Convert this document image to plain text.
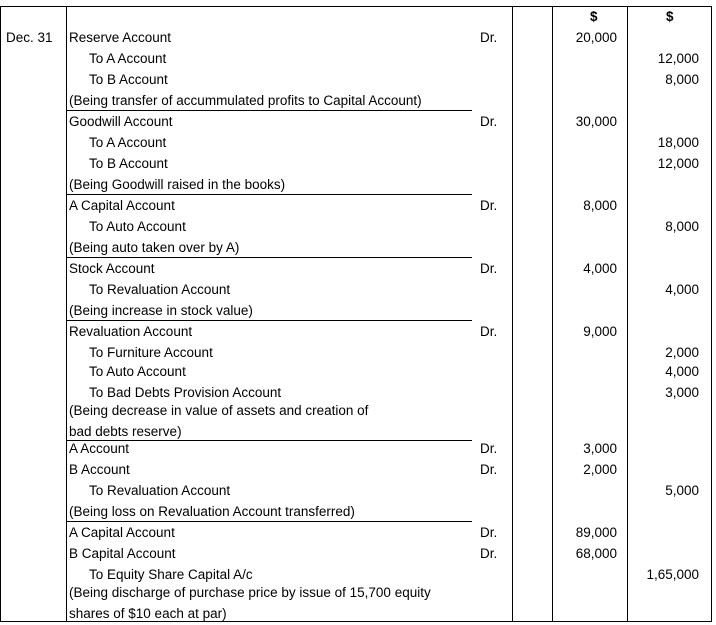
$	$
Dec. 31 Reserve Account	Dr.	20,000
To A Account	12,000
To B Account	8,000
(Being transfer of accummulated profits to Capital Account)
Goodwill Account	Dr.	30,000
To A Account	18,000
To B Account	12,000
(Being Goodwill raised in the books)
A Capital Account	Dr.	8,000
To Auto Account	8,000
(Being auto taken over by A)
Stock Account	Dr.	4,000
To Revaluation Account	4,000
(Being increase in stock value)
Revaluation Account	Dr.	9,000
To Furniture Account	2,000
To Auto Account	4,000
To Bad Debts Provision Account	3,000
(Being decrease in value of assets and creation of
bad debts reserve)
A Account	Dr.	3,000
B Account	Dr.	2,000
To Revaluation Account	5,000
(Being loss on Revaluation Account transferred)
A Capital Account	Dr.	89,000
B Capital Account	Dr.	68,000
To Equity Share Capital A/c	1,65,000
(Being discharge of purchase price by issue of 15,700 equity
shares of $10 each at par)
